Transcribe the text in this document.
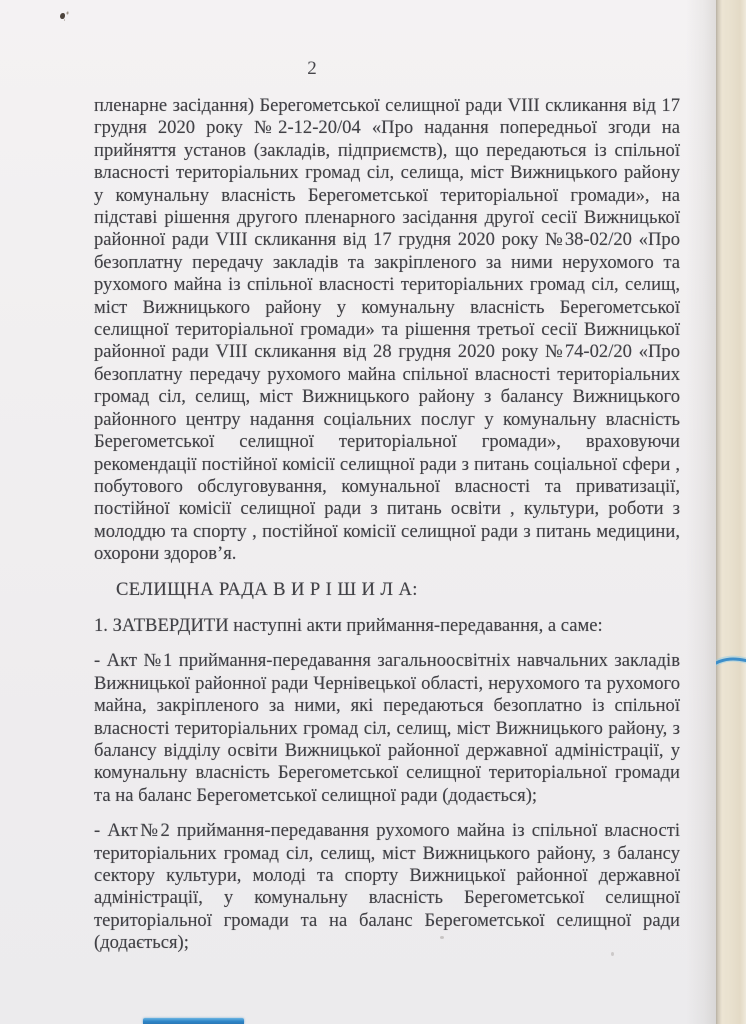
2

пленарне засідання) Берегометської селищної ради VIII скликання від 17 грудня 2020 року №2-12-20/04 «Про надання попередньої згоди на прийняття установ (закладів, підприємств), що передаються із спільної власності територіальних громад сіл, селища, міст Вижницького району у комунальну власність Берегометської територіальної громади», на підставі рішення другого пленарного засідання другої сесії Вижницької районної ради VIII скликання від 17 грудня 2020 року №38-02/20 «Про безоплатну передачу закладів та закріпленого за ними нерухомого та рухомого майна із спільної власності територіальних громад сіл, селищ, міст Вижницького району у комунальну власність Берегометської селищної територіальної громади» та рішення третьої сесії Вижницької районної ради VIII скликання від 28 грудня 2020 року №74-02/20 «Про безоплатну передачу рухомого майна спільної власності територіальних громад сіл, селищ, міст Вижницького району з балансу Вижницького районного центру надання соціальних послуг у комунальну власність Берегометської селищної територіальної громади», враховуючи рекомендації постійної комісії селищної ради з питань соціальної сфери , побутового обслуговування, комунальної власності та приватизації, постійної комісії селищної ради з питань освіти , культури, роботи з молоддю та спорту , постійної комісії селищної ради з питань медицини, охорони здоров’я.

СЕЛИЩНА РАДА В И Р І Ш И Л А:

1. ЗАТВЕРДИТИ наступні акти приймання-передавання, а саме:

- Акт №1 приймання-передавання загальноосвітніх навчальних закладів Вижницької районної ради Чернівецької області, нерухомого та рухомого майна, закріпленого за ними, які передаються безоплатно із спільної власності територіальних громад сіл, селищ, міст Вижницького району, з балансу відділу освіти Вижницької районної державної адміністрації, у комунальну власність Берегометської селищної територіальної громади та на баланс Берегометської селищної ради (додається);

- Акт№2 приймання-передавання рухомого майна із спільної власності територіальних громад сіл, селищ, міст Вижницького району, з балансу сектору культури, молоді та спорту Вижницької районної державної адміністрації, у комунальну власність Берегометської селищної територіальної громади та на баланс Берегометської селищної ради (додається);
